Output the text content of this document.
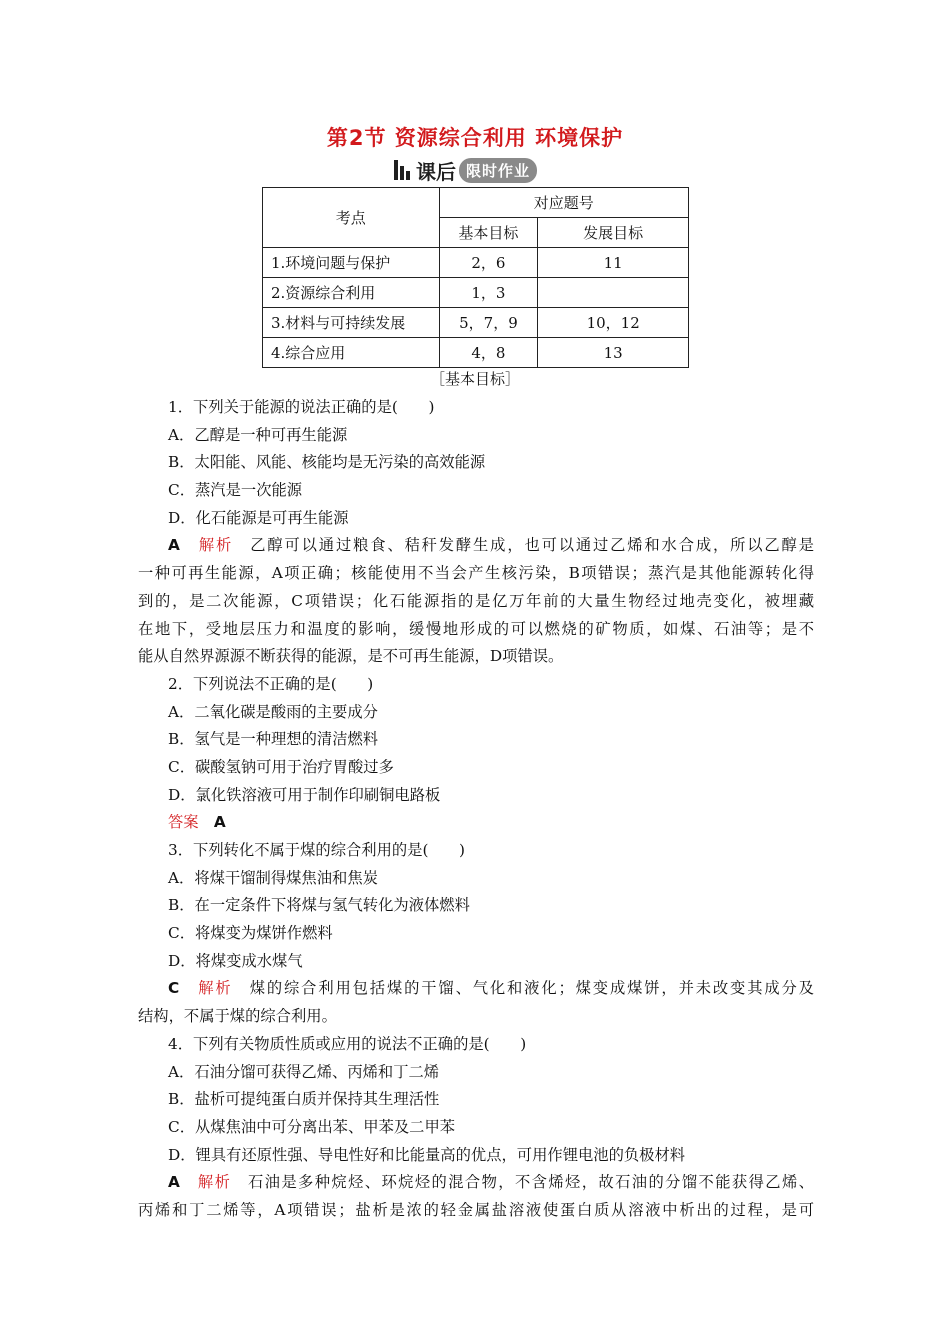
第2节 资源综合利用 环境保护
课后 限时作业
考点	对应题号	
	基本目标	发展目标
1.环境问题与保护	2，6	11
2.资源综合利用	1，3	
3.材料与可持续发展	5，7，9	10，12
4.综合应用	4，8	13
［基本目标］
1．下列关于能源的说法正确的是(　　)
A．乙醇是一种可再生能源
B．太阳能、风能、核能均是无污染的高效能源
C．蒸汽是一次能源
D．化石能源是可再生能源
A　 解析　 乙醇可以通过粮食、秸秆发酵生成，也可以通过乙烯和水合成，所以乙醇是
一种可再生能源，A项正确；核能使用不当会产生核污染，B项错误；蒸汽是其他能源转化得
到的，是二次能源，C项错误；化石能源指的是亿万年前的大量生物经过地壳变化，被埋藏
在地下，受地层压力和温度的影响，缓慢地形成的可以燃烧的矿物质，如煤、石油等；是不
能从自然界源源不断获得的能源，是不可再生能源，D项错误。
2．下列说法不正确的是(　　)
A．二氧化碳是酸雨的主要成分
B．氢气是一种理想的清洁燃料
C．碳酸氢钠可用于治疗胃酸过多
D．氯化铁溶液可用于制作印刷铜电路板
答案　 A
3．下列转化不属于煤的综合利用的是(　　)
A．将煤干馏制得煤焦油和焦炭
B．在一定条件下将煤与氢气转化为液体燃料
C．将煤变为煤饼作燃料
D．将煤变成水煤气
C　 解析　 煤的综合利用包括煤的干馏、气化和液化；煤变成煤饼，并未改变其成分及
结构，不属于煤的综合利用。
4．下列有关物质性质或应用的说法不正确的是(　　)
A．石油分馏可获得乙烯、丙烯和丁二烯
B．盐析可提纯蛋白质并保持其生理活性
C．从煤焦油中可分离出苯、甲苯及二甲苯
D．锂具有还原性强、导电性好和比能量高的优点，可用作锂电池的负极材料
A　 解析　 石油是多种烷烃、环烷烃的混合物，不含烯烃，故石油的分馏不能获得乙烯、
丙烯和丁二烯等，A项错误；盐析是浓的轻金属盐溶液使蛋白质从溶液中析出的过程，是可
